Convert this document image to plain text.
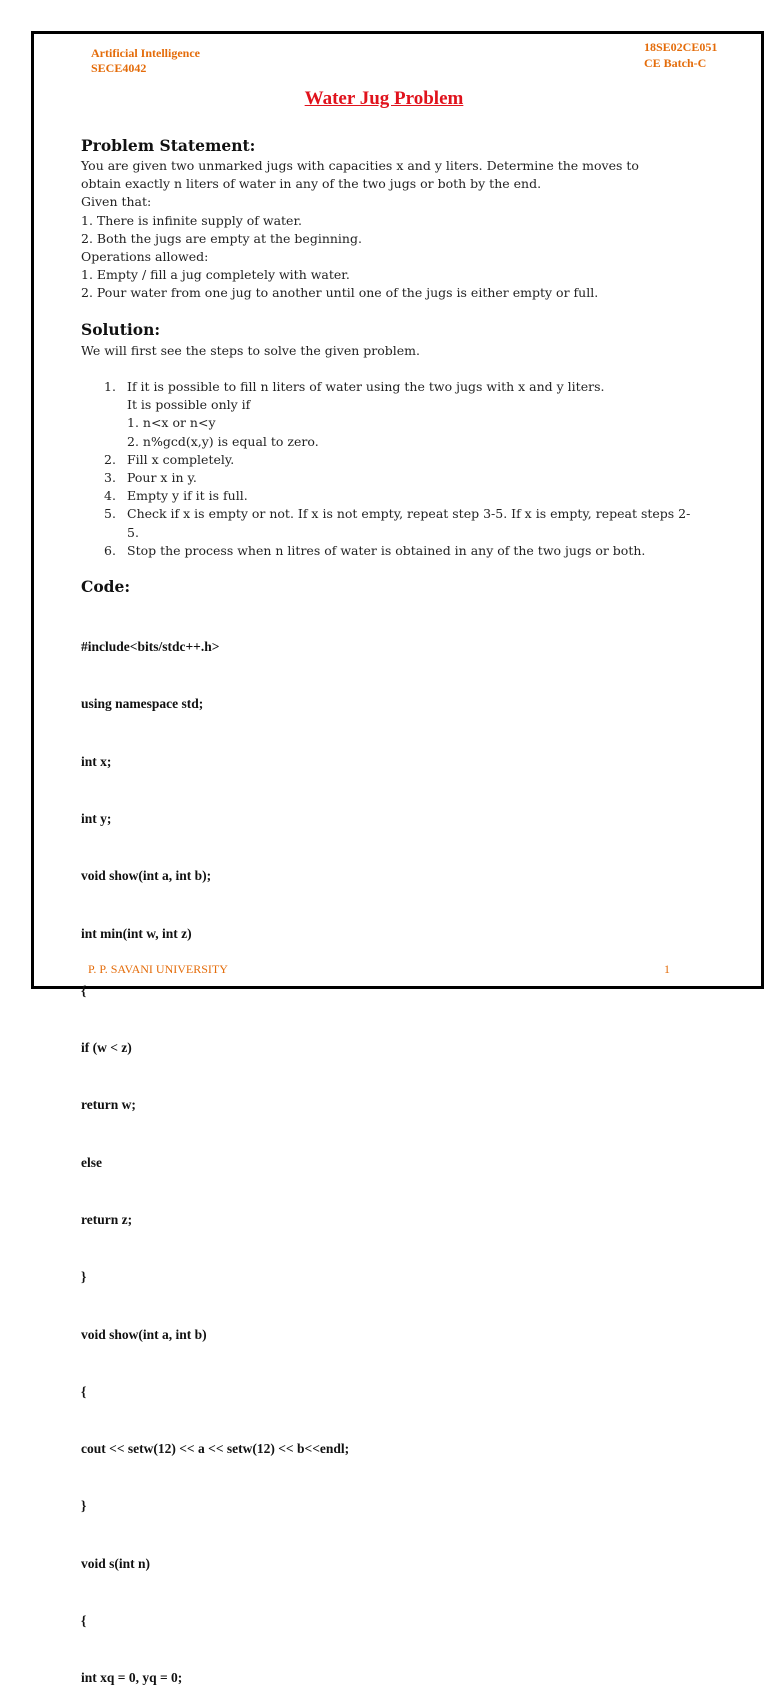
Artificial Intelligence
SECE4042
18SE02CE051
CE Batch-C
Water Jug Problem
Problem Statement:
You are given two unmarked jugs with capacities x and y liters. Determine the moves to
obtain exactly n liters of water in any of the two jugs or both by the end.
Given that:
1. There is infinite supply of water.
2. Both the jugs are empty at the beginning.
Operations allowed:
1. Empty / fill a jug completely with water.
2. Pour water from one jug to another until one of the jugs is either empty or full.
Solution:
We will first see the steps to solve the given problem.
1. If it is possible to fill n liters of water using the two jugs with x and y liters.
It is possible only if
1. n<x or n<y
2. n%gcd(x,y) is equal to zero.
2. Fill x completely.
3. Pour x in y.
4. Empty y if it is full.
5. Check if x is empty or not. If x is not empty, repeat step 3-5. If x is empty, repeat steps 2-5.
6. Stop the process when n litres of water is obtained in any of the two jugs or both.
Code:

#include<bits/stdc++.h>

using namespace std;

int x;

int y;

void show(int a, int b);

int min(int w, int z)

{

if (w < z)

return w;

else

return z;

}

void show(int a, int b)

{

cout << setw(12) << a << setw(12) << b<<endl;

}

void s(int n)

{

int xq = 0, yq = 0;

P. P. SAVANI UNIVERSITY	1
